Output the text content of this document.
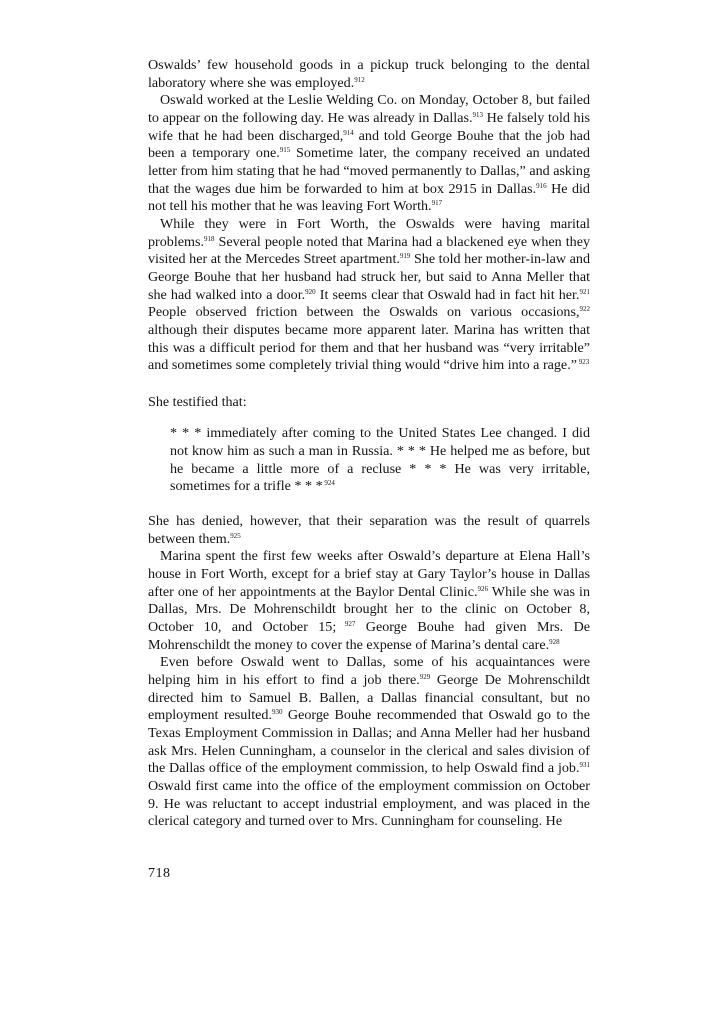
Oswalds’ few household goods in a pickup truck belonging to the dental laboratory where she was employed.$^{912}$

Oswald worked at the Leslie Welding Co. on Monday, October 8, but failed to appear on the following day. He was already in Dallas.$^{913}$ He falsely told his wife that he had been discharged,$^{914}$ and told George Bouhe that the job had been a temporary one.$^{915}$ Sometime later, the company received an undated letter from him stating that he had “moved permanently to Dallas,” and asking that the wages due him be forwarded to him at box 2915 in Dallas.$^{916}$ He did not tell his mother that he was leaving Fort Worth.$^{917}$

While they were in Fort Worth, the Oswalds were having marital problems.$^{918}$ Several people noted that Marina had a blackened eye when they visited her at the Mercedes Street apartment.$^{919}$ She told her mother-in-law and George Bouhe that her husband had struck her, but said to Anna Meller that she had walked into a door.$^{920}$ It seems clear that Oswald had in fact hit her.$^{921}$ People observed friction between the Oswalds on various occasions,$^{922}$ although their disputes became more apparent later. Marina has written that this was a difficult period for them and that her husband was “very irritable” and sometimes some completely trivial thing would “drive him into a rage.” $^{923}$

She testified that:

* * * immediately after coming to the United States Lee changed. I did not know him as such a man in Russia. * * * He helped me as before, but he became a little more of a recluse * * * He was very irritable, sometimes for a trifle * * * $^{924}$

She has denied, however, that their separation was the result of quarrels between them.$^{925}$

Marina spent the first few weeks after Oswald’s departure at Elena Hall’s house in Fort Worth, except for a brief stay at Gary Taylor’s house in Dallas after one of her appointments at the Baylor Dental Clinic.$^{926}$ While she was in Dallas, Mrs. De Mohrenschildt brought her to the clinic on October 8, October 10, and October 15; $^{927}$ George Bouhe had given Mrs. De Mohrenschildt the money to cover the expense of Marina’s dental care.$^{928}$

Even before Oswald went to Dallas, some of his acquaintances were helping him in his effort to find a job there.$^{929}$ George De Mohrenschildt directed him to Samuel B. Ballen, a Dallas financial consultant, but no employment resulted.$^{930}$ George Bouhe recommended that Oswald go to the Texas Employment Commission in Dallas; and Anna Meller had her husband ask Mrs. Helen Cunningham, a counselor in the clerical and sales division of the Dallas office of the employment commission, to help Oswald find a job.$^{931}$ Oswald first came into the office of the employment commission on October 9. He was reluctant to accept industrial employment, and was placed in the clerical category and turned over to Mrs. Cunningham for counseling. He

718
